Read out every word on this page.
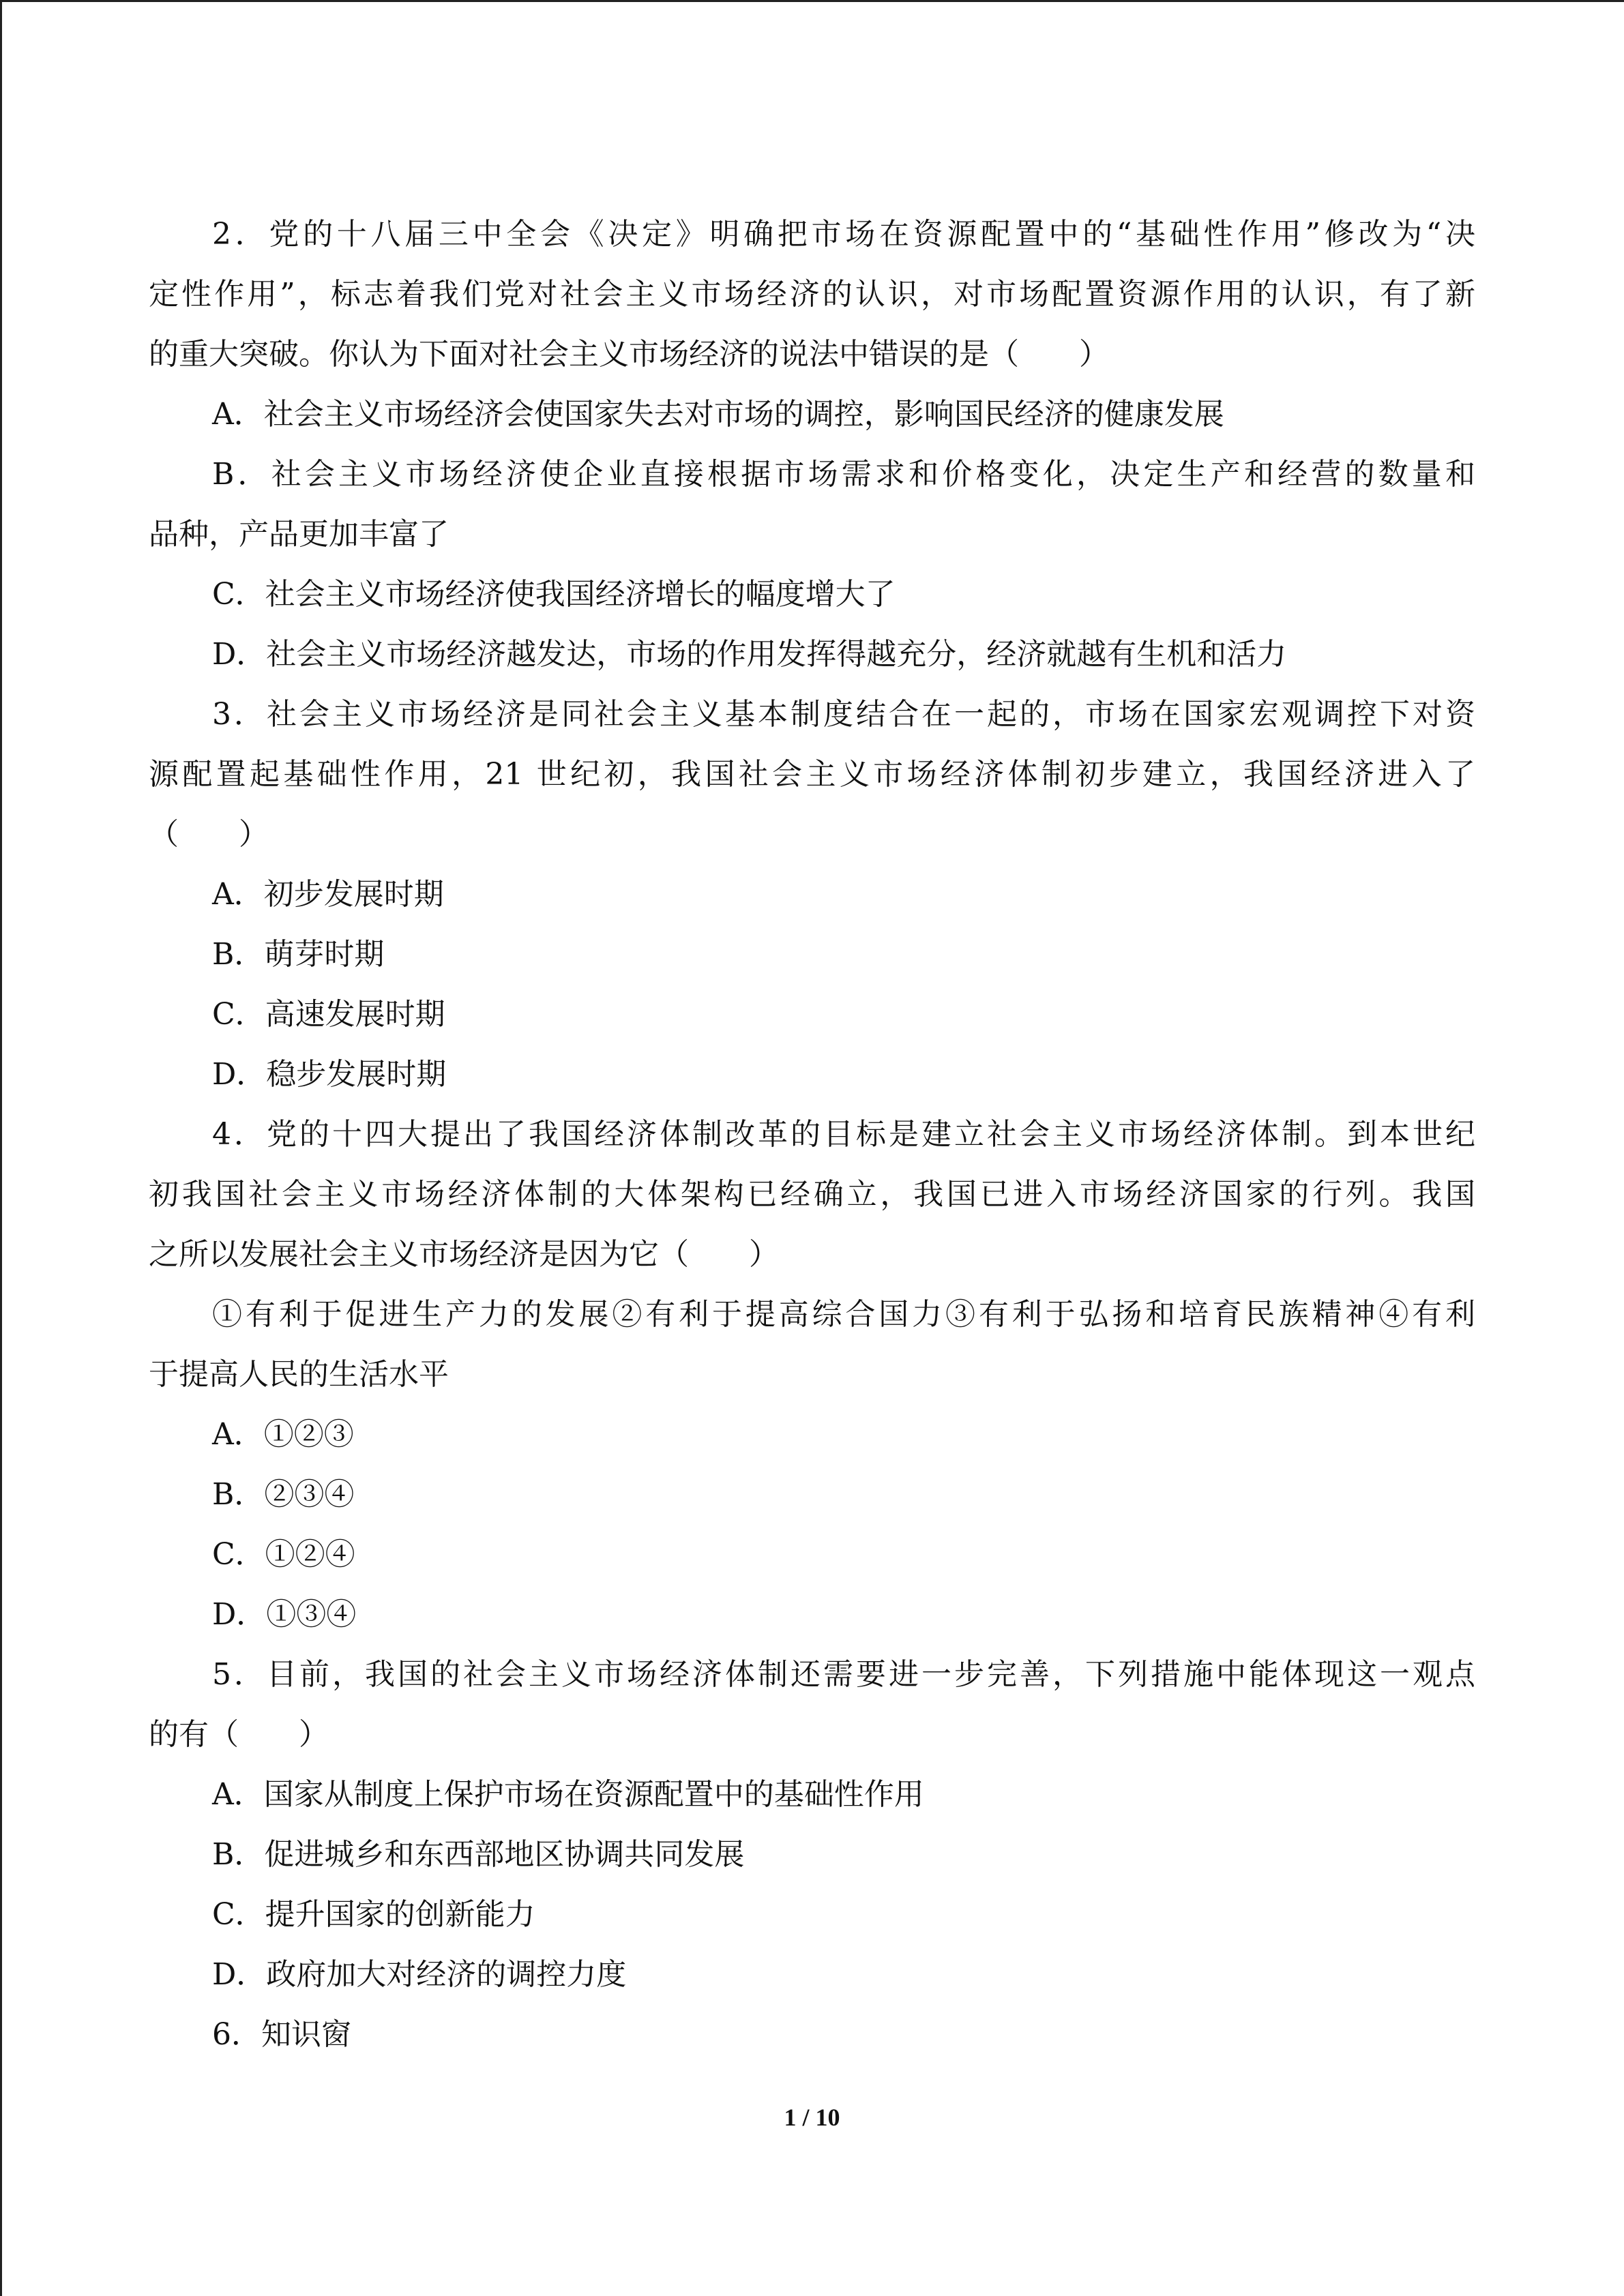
2．党的十八届三中全会《决定》明确把市场在资源配置中的“基础性作用”修改为“决
定性作用”，标志着我们党对社会主义市场经济的认识，对市场配置资源作用的认识，有了新
的重大突破。你认为下面对社会主义市场经济的说法中错误的是（　　）
A．社会主义市场经济会使国家失去对市场的调控，影响国民经济的健康发展
B．社会主义市场经济使企业直接根据市场需求和价格变化，决定生产和经营的数量和
品种，产品更加丰富了
C．社会主义市场经济使我国经济增长的幅度增大了
D．社会主义市场经济越发达，市场的作用发挥得越充分，经济就越有生机和活力
3．社会主义市场经济是同社会主义基本制度结合在一起的，市场在国家宏观调控下对资
源配置起基础性作用，21 世纪初，我国社会主义市场经济体制初步建立，我国经济进入了
（　　）
A．初步发展时期
B．萌芽时期
C．高速发展时期
D．稳步发展时期
4．党的十四大提出了我国经济体制改革的目标是建立社会主义市场经济体制。到本世纪
初我国社会主义市场经济体制的大体架构已经确立，我国已进入市场经济国家的行列。我国
之所以发展社会主义市场经济是因为它（　　）
①有利于促进生产力的发展②有利于提高综合国力③有利于弘扬和培育民族精神④有利
于提高人民的生活水平
A．①②③
B．②③④
C．①②④
D．①③④
5．目前，我国的社会主义市场经济体制还需要进一步完善，下列措施中能体现这一观点
的有（　　）
A．国家从制度上保护市场在资源配置中的基础性作用
B．促进城乡和东西部地区协调共同发展
C．提升国家的创新能力
D．政府加大对经济的调控力度
6．知识窗
1 / 10
